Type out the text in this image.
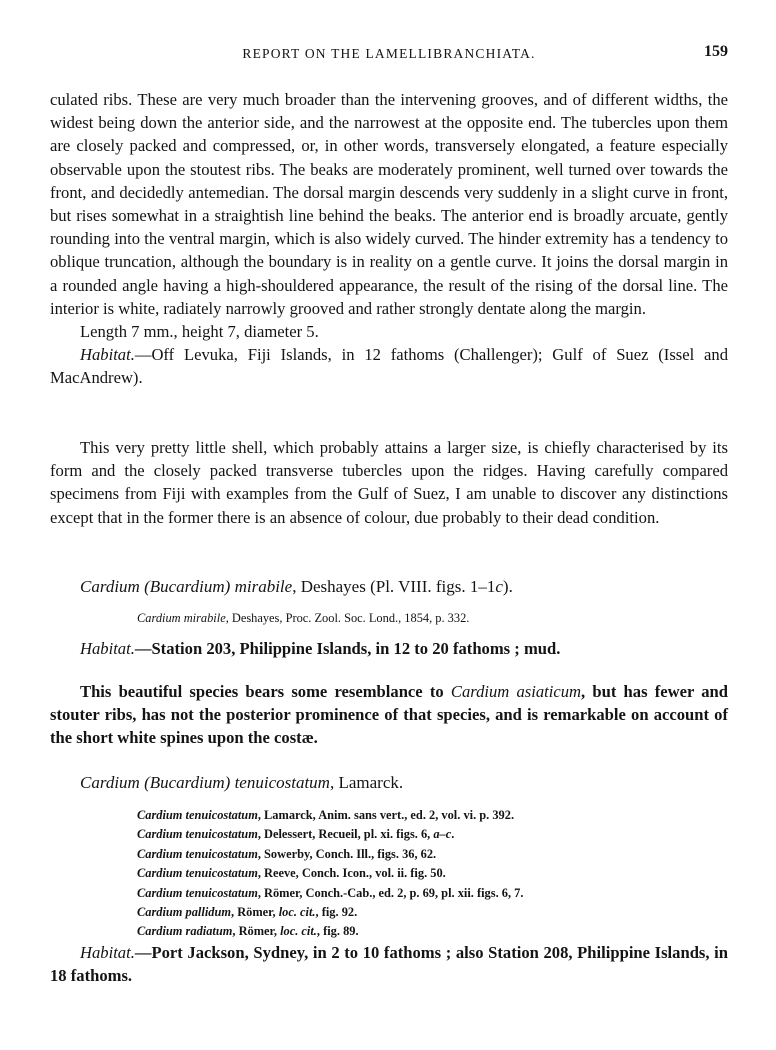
REPORT ON THE LAMELLIBRANCHIATA.	159

culated ribs. These are very much broader than the intervening grooves, and of different widths, the widest being down the anterior side, and the narrowest at the opposite end. The tubercles upon them are closely packed and compressed, or, in other words, transversely elongated, a feature especially observable upon the stoutest ribs. The beaks are moderately prominent, well turned over towards the front, and decidedly antemedian. The dorsal margin descends very suddenly in a slight curve in front, but rises somewhat in a straightish line behind the beaks. The anterior end is broadly arcuate, gently rounding into the ventral margin, which is also widely curved. The hinder extremity has a tendency to oblique truncation, although the boundary is in reality on a gentle curve. It joins the dorsal margin in a rounded angle having a high-shouldered appearance, the result of the rising of the dorsal line. The interior is white, radiately narrowly grooved and rather strongly dentate along the margin.

Length 7 mm., height 7, diameter 5.

Habitat.—Off Levuka, Fiji Islands, in 12 fathoms (Challenger); Gulf of Suez (Issel and MacAndrew).

This very pretty little shell, which probably attains a larger size, is chiefly characterised by its form and the closely packed transverse tubercles upon the ridges. Having carefully compared specimens from Fiji with examples from the Gulf of Suez, I am unable to discover any distinctions except that in the former there is an absence of colour, due probably to their dead condition.

Cardium (Bucardium) mirabile, Deshayes (Pl. VIII. figs. 1–1c).
Cardium mirabile, Deshayes, Proc. Zool. Soc. Lond., 1854, p. 332.

Habitat.—Station 203, Philippine Islands, in 12 to 20 fathoms ; mud.

This beautiful species bears some resemblance to Cardium asiaticum, but has fewer and stouter ribs, has not the posterior prominence of that species, and is remarkable on account of the short white spines upon the costæ.

Cardium (Bucardium) tenuicostatum, Lamarck.
Cardium tenuicostatum, Lamarck, Anim. sans vert., ed. 2, vol. vi. p. 392.
Cardium tenuicostatum, Delessert, Recueil, pl. xi. figs. 6, a–c.
Cardium tenuicostatum, Sowerby, Conch. Ill., figs. 36, 62.
Cardium tenuicostatum, Reeve, Conch. Icon., vol. ii. fig. 50.
Cardium tenuicostatum, Römer, Conch.-Cab., ed. 2, p. 69, pl. xii. figs. 6, 7.
Cardium pallidum, Römer, loc. cit., fig. 92.
Cardium radiatum, Römer, loc. cit., fig. 89.

Habitat.—Port Jackson, Sydney, in 2 to 10 fathoms ; also Station 208, Philippine Islands, in 18 fathoms.
